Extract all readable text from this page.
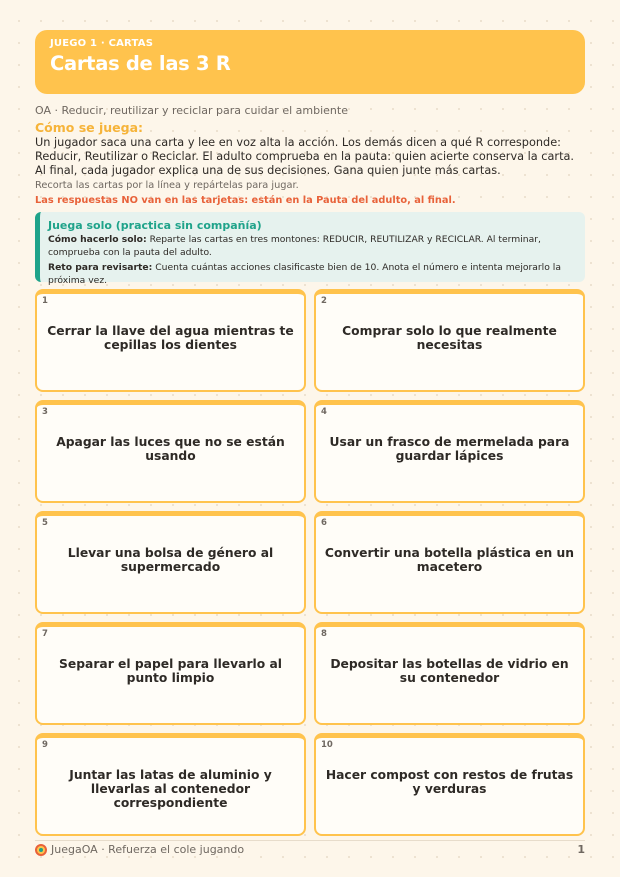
JUEGO 1 · CARTAS
Cartas de las 3 R
OA · Reducir, reutilizar y reciclar para cuidar el ambiente
Cómo se juega:
Un jugador saca una carta y lee en voz alta la acción. Los demás dicen a qué R corresponde: Reducir, Reutilizar o Reciclar. El adulto comprueba en la pauta: quien acierte conserva la carta. Al final, cada jugador explica una de sus decisiones. Gana quien junte más cartas.
Recorta las cartas por la línea y repártelas para jugar.
Las respuestas NO van en las tarjetas: están en la Pauta del adulto, al final.
Juega solo (practica sin compañía)
Cómo hacerlo solo: Reparte las cartas en tres montones: REDUCIR, REUTILIZAR y RECICLAR. Al terminar, comprueba con la pauta del adulto.
Reto para revisarte: Cuenta cuántas acciones clasificaste bien de 10. Anota el número e intenta mejorarlo la próxima vez.
1
Cerrar la llave del agua mientras te cepillas los dientes
2
Comprar solo lo que realmente necesitas
3
Apagar las luces que no se están usando
4
Usar un frasco de mermelada para guardar lápices
5
Llevar una bolsa de género al supermercado
6
Convertir una botella plástica en un macetero
7
Separar el papel para llevarlo al punto limpio
8
Depositar las botellas de vidrio en su contenedor
9
Juntar las latas de aluminio y llevarlas al contenedor correspondiente
10
Hacer compost con restos de frutas y verduras
JuegaOA · Refuerza el cole jugando	1
